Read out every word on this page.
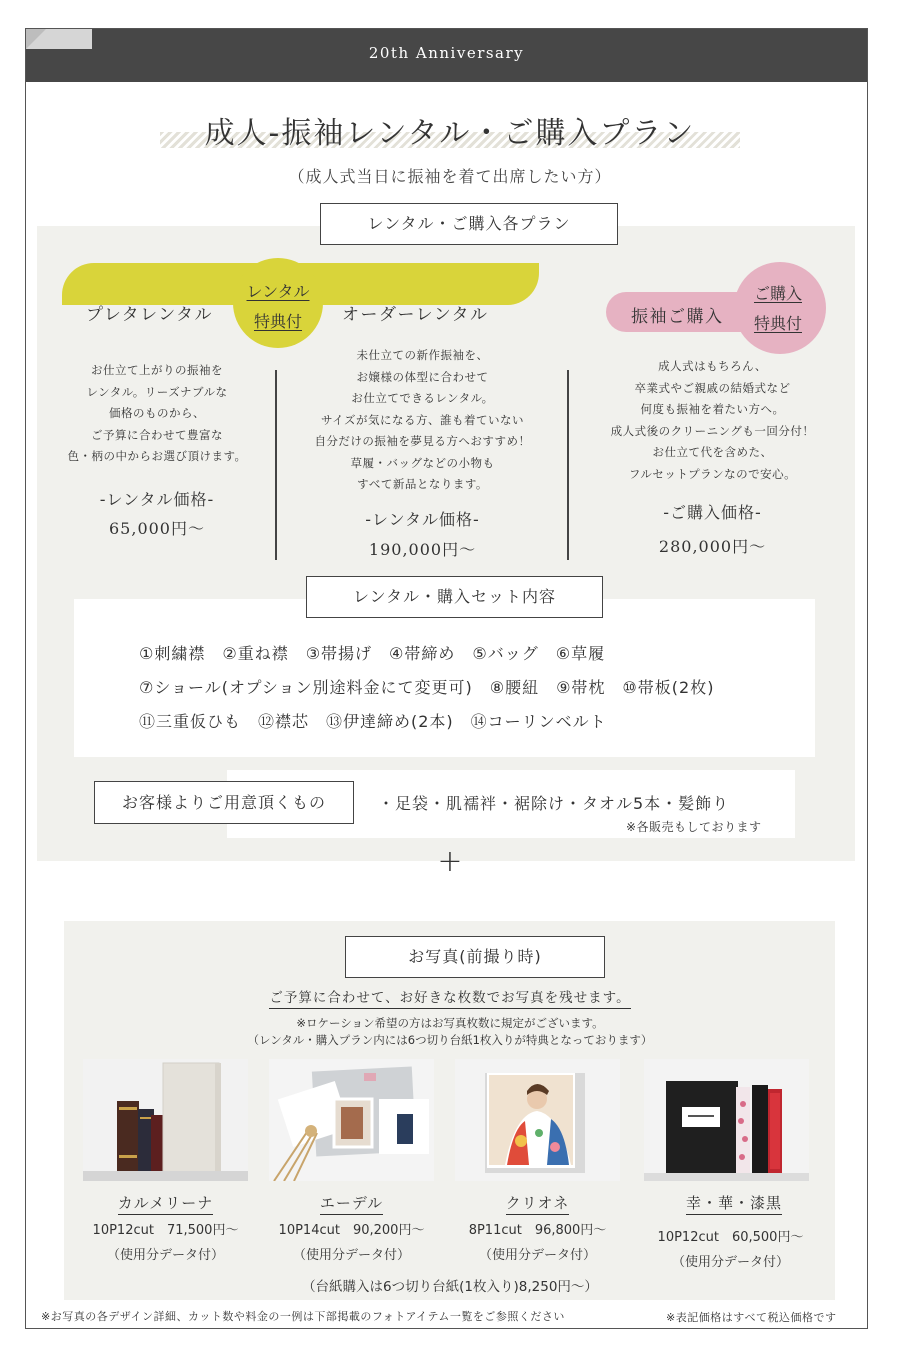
20th Anniversary
成人-振袖レンタル・ご購入プラン
（成人式当日に振袖を着て出席したい方）
レンタル・ご購入各プラン
プレタレンタル
レンタル
特典付	オーダーレンタル	振袖ご購入
ご購入
特典付
お仕立て上がりの振袖を
レンタル。リーズナブルな
価格のものから、
ご予算に合わせて豊富な
色・柄の中からお選び頂けます。
-レンタル価格-
65,000円〜
未仕立ての新作振袖を、
お嬢様の体型に合わせて
お仕立てできるレンタル。
サイズが気になる方、誰も着ていない
自分だけの振袖を夢見る方へおすすめ！
草履・バッグなどの小物も
すべて新品となります。
-レンタル価格-
190,000円〜
成人式はもちろん、
卒業式やご親戚の結婚式など
何度も振袖を着たい方へ。
成人式後のクリーニングも一回分付！
お仕立て代を含めた、
フルセットプランなので安心。
-ご購入価格-
280,000円〜
レンタル・購入セット内容
①刺繍襟　②重ね襟　③帯揚げ　④帯締め　⑤バッグ　⑥草履
⑦ショール(オプション別途料金にて変更可)　⑧腰紐　⑨帯枕　⑩帯板(2枚)
⑪三重仮ひも　⑫襟芯　⑬伊達締め(2本)　⑭コーリンベルト
お客様よりご用意頂くもの	・足袋・肌襦袢・裾除け・タオル5本・髪飾り
※各販売もしております
+
お写真(前撮り時)
ご予算に合わせて、お好きな枚数でお写真を残せます。
※ロケーション希望の方はお写真枚数に規定がございます。
（レンタル・購入プラン内には6つ切り台紙1枚入りが特典となっております）
カルメリーナ
10P12cut　71,500円〜
（使用分データ付）
エーデル
10P14cut　90,200円〜
（使用分データ付）
クリオネ
8P11cut　96,800円〜
（使用分データ付）
幸・華・漆黒
10P12cut　60,500円〜
（使用分データ付）
（台紙購入は6つ切り台紙(1枚入り)8,250円〜）
※お写真の各デザイン詳細、カット数や料金の一例は下部掲載のフォトアイテム一覧をご参照ください	※表記価格はすべて税込価格です
